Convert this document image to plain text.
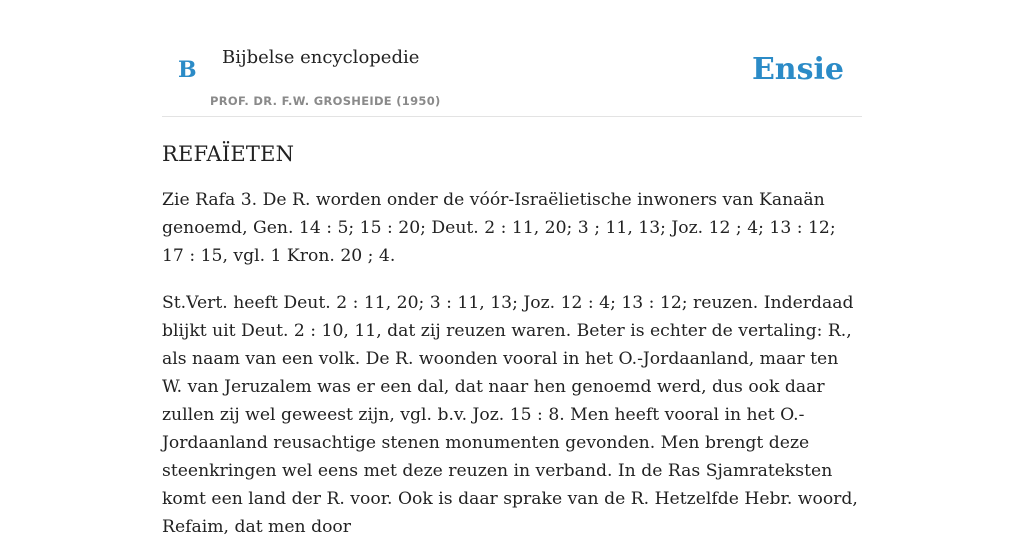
B Bijbelse encyclopedie
PROF. DR. F.W. GROSHEIDE (1950)
Ensie
REFAÏETEN

Zie Rafa 3. De R. worden onder de vóór-Israëlietische inwoners van Kanaän genoemd, Gen. 14 : 5; 15 : 20; Deut. 2 : 11, 20; 3 ; 11, 13; Joz. 12 ; 4; 13 : 12; 17 : 15, vgl. 1 Kron. 20 ; 4.

St.Vert. heeft Deut. 2 : 11, 20; 3 : 11, 13; Joz. 12 : 4; 13 : 12; reuzen. Inderdaad blijkt uit Deut. 2 : 10, 11, dat zij reuzen waren. Beter is echter de vertaling: R., als naam van een volk. De R. woonden vooral in het O.-Jordaanland, maar ten W. van Jeruzalem was er een dal, dat naar hen genoemd werd, dus ook daar zullen zij wel geweest zijn, vgl. b.v. Joz. 15 : 8. Men heeft vooral in het O.-Jordaanland reusachtige stenen monumenten gevonden. Men brengt deze steenkringen wel eens met deze reuzen in verband. In de Ras Sjamrateksten komt een land der R. voor. Ook is daar sprake van de R. Hetzelfde Hebr. woord, Refaim, dat men door
